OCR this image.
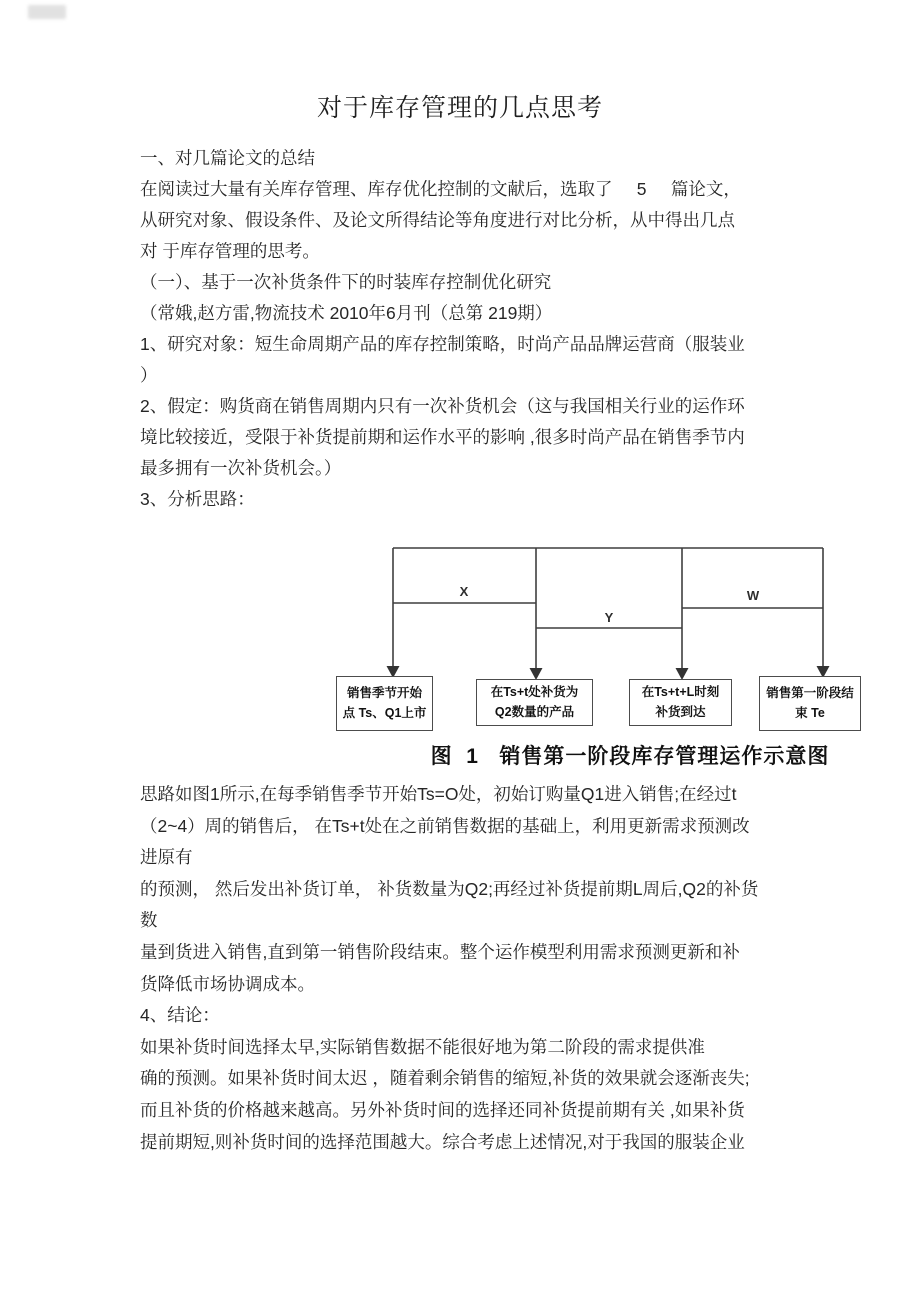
对于库存管理的几点思考
一、对几篇论文的总结
在阅读过大量有关库存管理、库存优化控制的文献后，选取了     5     篇论文，
从研究对象、假设条件、及论文所得结论等角度进行对比分析，从中得出几点
对 于库存管理的思考。
（一）、基于一次补货条件下的时装库存控制优化研究
（常娥,赵方雷,物流技术 2010年6月刊（总第 219期）
1、研究对象：短生命周期产品的库存控制策略，时尚产品品牌运营商（服装业
）
2、假定：购货商在销售周期内只有一次补货机会（这与我国相关行业的运作环
境比较接近，受限于补货提前期和运作水平的影响 ,很多时尚产品在销售季节内
最多拥有一次补货机会。）
3、分析思路：
X
Y
W
销售季节开始
点 Ts、Q1上市
在Ts+t处补货为
Q2数量的产品
在Ts+t+L时刻
补货到达
销售第一阶段结
束 Te
图  1   销售第一阶段库存管理运作示意图
思路如图1所示,在每季销售季节开始Ts=O处，初始订购量Q1进入销售;在经过t
（2~4）周的销售后， 在Ts+t处在之前销售数据的基础上，利用更新需求预测改
进原有
的预测， 然后发出补货订单， 补货数量为Q2;再经过补货提前期L周后,Q2的补货
数
量到货进入销售,直到第一销售阶段结束。整个运作模型利用需求预测更新和补
货降低市场协调成本。
4、结论：
如果补货时间选择太早,实际销售数据不能很好地为第二阶段的需求提供准
确的预测。如果补货时间太迟 ，随着剩余销售的缩短,补货的效果就会逐渐丧失;
而且补货的价格越来越高。另外补货时间的选择还同补货提前期有关 ,如果补货
提前期短,则补货时间的选择范围越大。综合考虑上述情况,对于我国的服装企业
